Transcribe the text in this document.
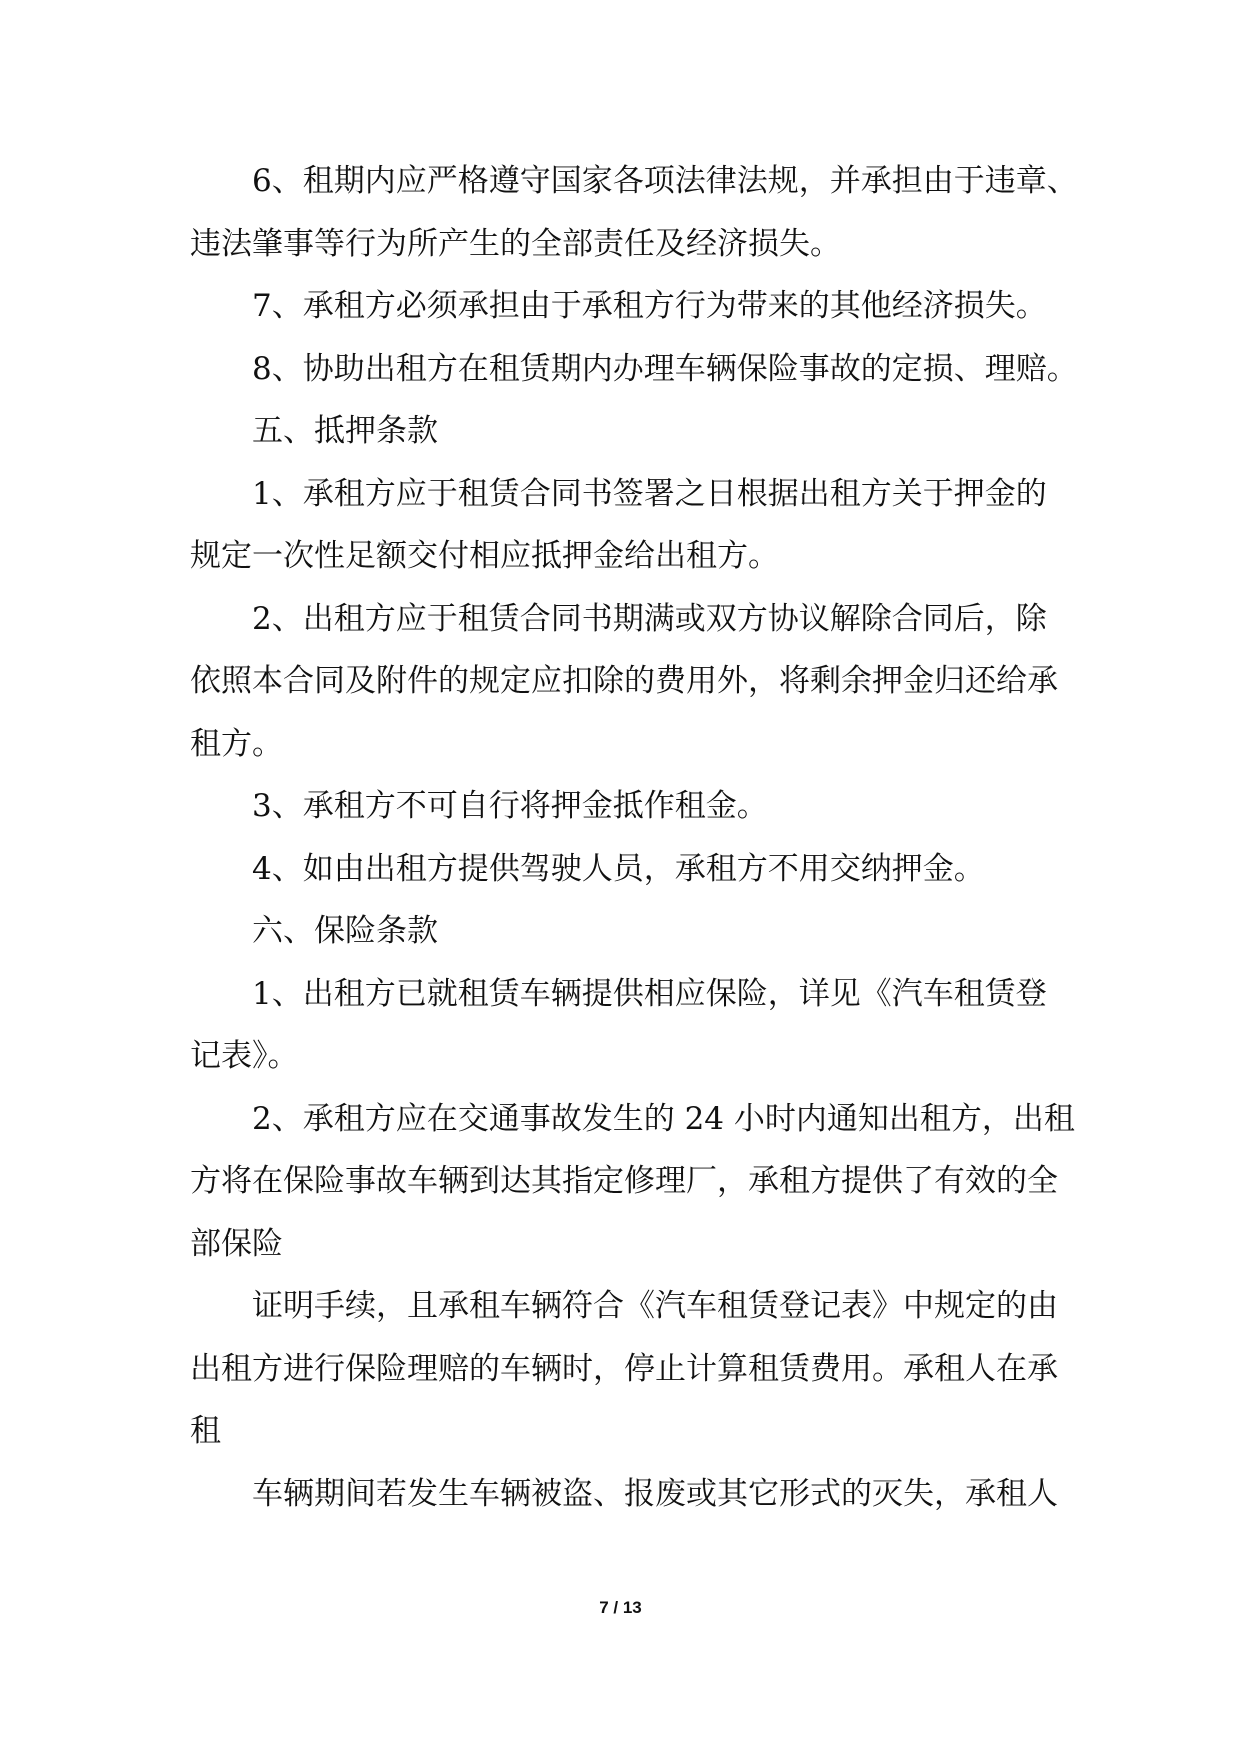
6、租期内应严格遵守国家各项法律法规，并承担由于违章、
违法肇事等行为所产生的全部责任及经济损失。

7、承租方必须承担由于承租方行为带来的其他经济损失。

8、协助出租方在租赁期内办理车辆保险事故的定损、理赔。

五、抵押条款

1、承租方应于租赁合同书签署之日根据出租方关于押金的
规定一次性足额交付相应抵押金给出租方。

2、出租方应于租赁合同书期满或双方协议解除合同后，除
依照本合同及附件的规定应扣除的费用外，将剩余押金归还给承
租方。

3、承租方不可自行将押金抵作租金。

4、如由出租方提供驾驶人员，承租方不用交纳押金。

六、保险条款

1、出租方已就租赁车辆提供相应保险，详见《汽车租赁登
记表》。

2、承租方应在交通事故发生的 24 小时内通知出租方，出租
方将在保险事故车辆到达其指定修理厂，承租方提供了有效的全
部保险

证明手续，且承租车辆符合《汽车租赁登记表》中规定的由
出租方进行保险理赔的车辆时，停止计算租赁费用。承租人在承
租

车辆期间若发生车辆被盗、报废或其它形式的灭失，承租人

7 / 13
